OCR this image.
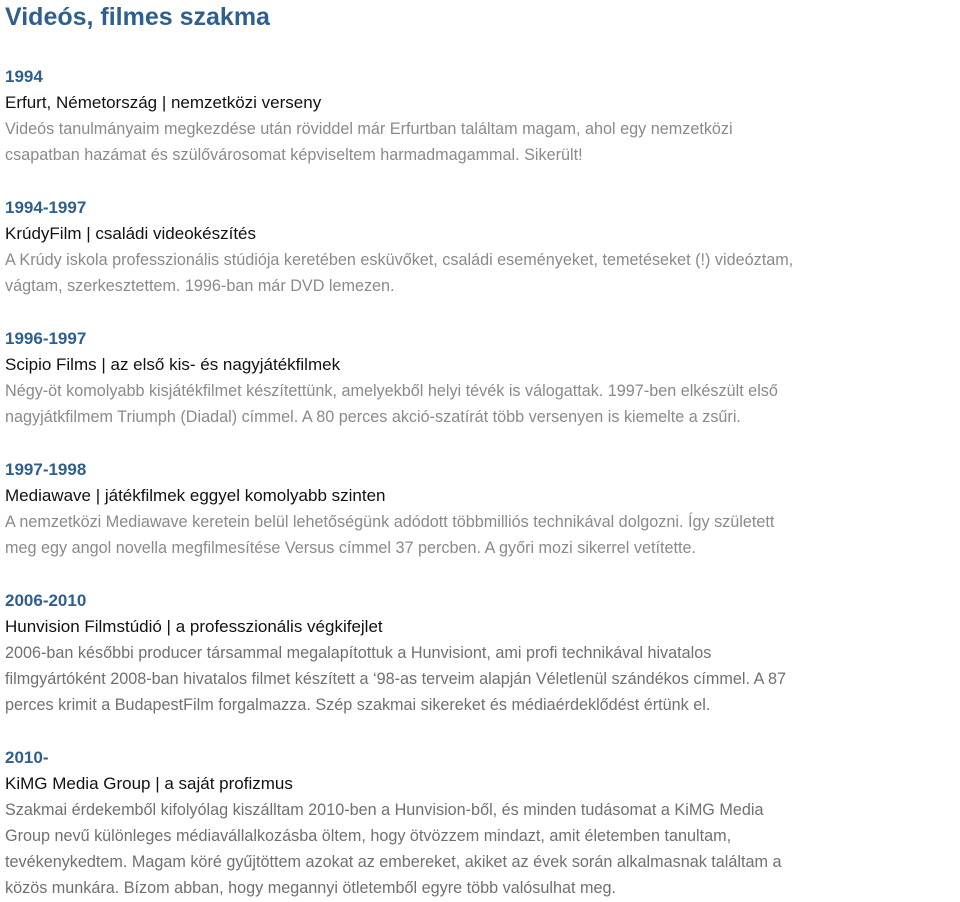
Videós, filmes szakma
1994
Erfurt, Németország | nemzetközi verseny
Videós tanulmányaim megkezdése után röviddel már Erfurtban találtam magam, ahol egy nemzetközi
csapatban hazámat és szülővárosomat képviseltem harmadmagammal. Sikerült!
1994-1997
KrúdyFilm | családi videokészítés
A Krúdy iskola professzionális stúdiója keretében esküvőket, családi eseményeket, temetéseket (!) videóztam,
vágtam, szerkesztettem. 1996-ban már DVD lemezen.
1996-1997
Scipio Films | az első kis- és nagyjátékfilmek
Négy-öt komolyabb kisjátékfilmet készítettünk, amelyekből helyi tévék is válogattak. 1997-ben elkészült első
nagyjátkfilmem Triumph (Diadal) címmel. A 80 perces akció-szatírát több versenyen is kiemelte a zsűri.
1997-1998
Mediawave | játékfilmek eggyel komolyabb szinten
A nemzetközi Mediawave keretein belül lehetőségünk adódott többmilliós technikával dolgozni. Így született
meg egy angol novella megfilmesítése Versus címmel 37 percben. A győri mozi sikerrel vetítette.
2006-2010
Hunvision Filmstúdió | a professzionális végkifejlet
2006-ban későbbi producer társammal megalapítottuk a Hunvisiont, ami profi technikával hivatalos
filmgyártóként 2008-ban hivatalos filmet készített a ‘98-as terveim alapján Véletlenül szándékos címmel. A 87
perces krimit a BudapestFilm forgalmazza. Szép szakmai sikereket és médiaérdeklődést értünk el.
2010-
KiMG Media Group | a saját profizmus
Szakmai érdekemből kifolyólag kiszálltam 2010-ben a Hunvision-ből, és minden tudásomat a KiMG Media
Group nevű különleges médiavállalkozásba öltem, hogy ötvözzem mindazt, amit életemben tanultam,
tevékenykedtem. Magam köré gyűjtöttem azokat az embereket, akiket az évek során alkalmasnak találtam a
közös munkára. Bízom abban, hogy megannyi ötletemből egyre több valósulhat meg.
